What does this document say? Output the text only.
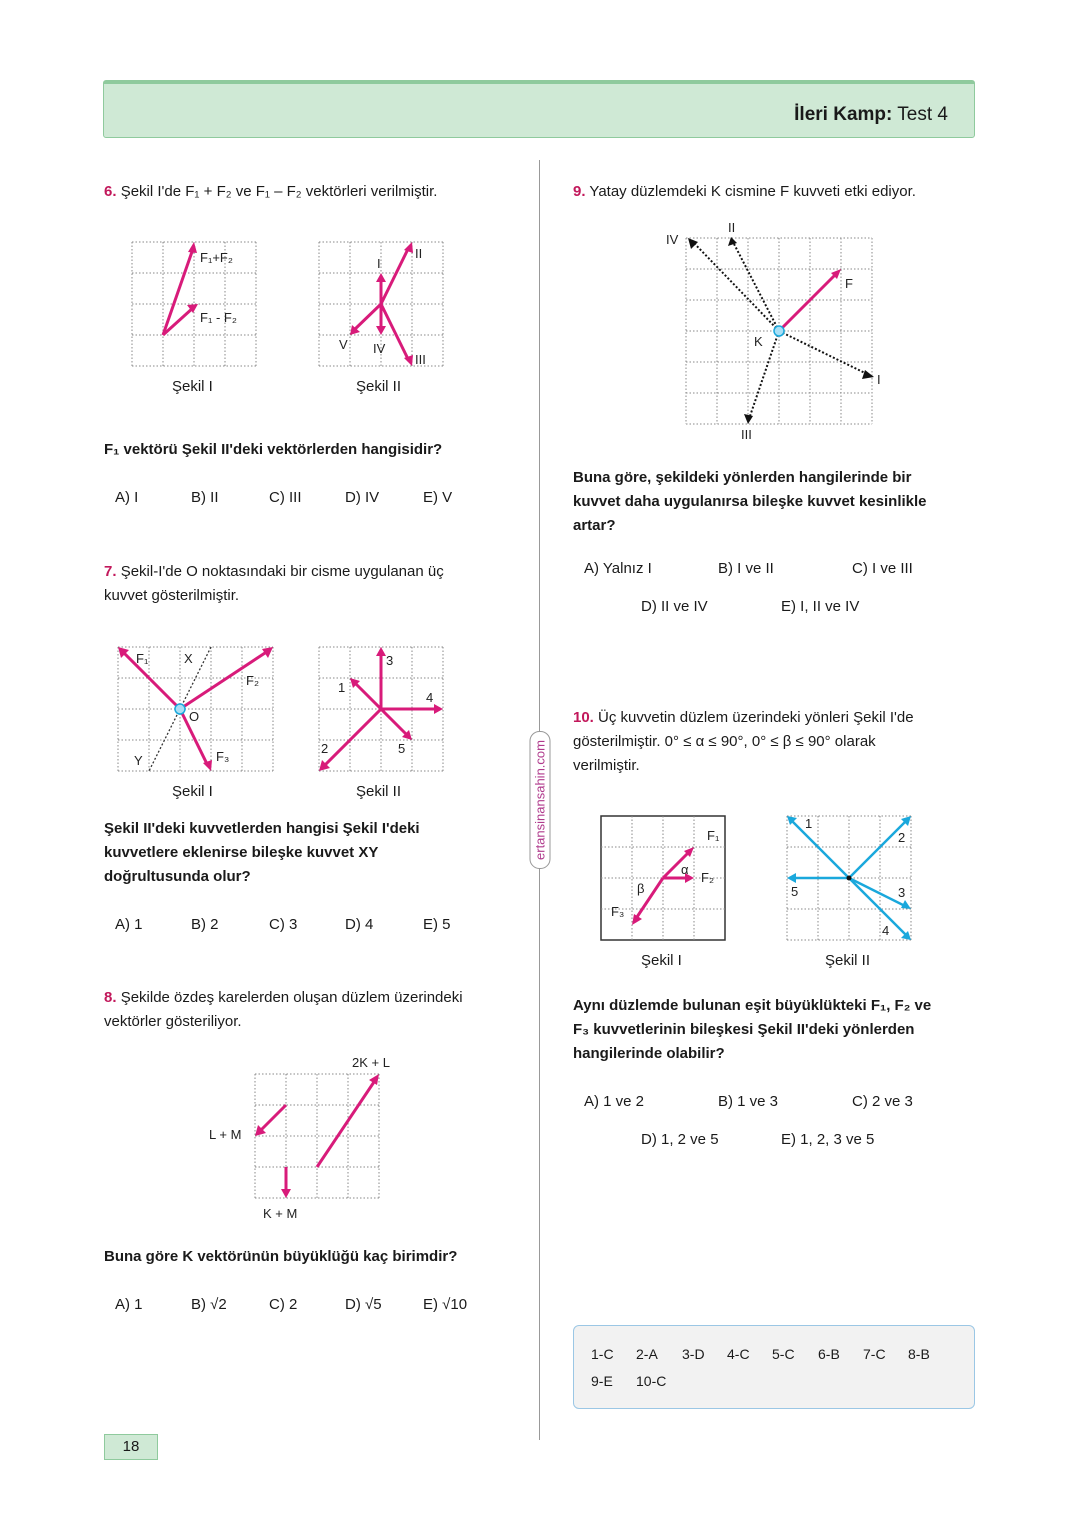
İleri Kamp: Test 4
ertansinansahin.com
6. Şekil I'de F₁ + F₂ ve F₁ – F₂ vektörleri verilmiştir.
F₁+F₂
F₁ - F₂
Şekil I
I
II
III
IV
V
Şekil II
F₁ vektörü Şekil II'deki vektörlerden hangisidir?
A) I	B) II	C) III	D) IV	E) V
7. Şekil-I'de O noktasındaki bir cisme uygulanan üç
kuvvet gösterilmiştir.
F₁	X
F₂
O
F₃
Y
Şekil I
1
2
3
4
5
Şekil II
Şekil II'deki kuvvetlerden hangisi Şekil I'deki
kuvvetlere eklenirse bileşke kuvvet XY
doğrultusunda olur?
A) 1	B) 2	C) 3	D) 4	E) 5
8. Şekilde özdeş karelerden oluşan düzlem üzerindeki
vektörler gösteriliyor.
2K + L
L + M
K + M
Buna göre K vektörünün büyüklüğü kaç birimdir?
A) 1	B) √2	C) 2	D) √5	E) √10
9. Yatay düzlemdeki K cismine F kuvveti etki ediyor.
IV
II
F
K
I
III
Buna göre, şekildeki yönlerden hangilerinde bir
kuvvet daha uygulanırsa bileşke kuvvet kesinlikle
artar?
A) Yalnız I	B) I ve II	C) I ve III
D) II ve IV	E) I, II ve IV
10. Üç kuvvetin düzlem üzerindeki yönleri Şekil I'de
gösterilmiştir. 0° ≤ α ≤ 90°, 0° ≤ β ≤ 90° olarak
verilmiştir.
F₁
α
F₂
β
F₃
Şekil I
1
2
3
4
5
Şekil II
Aynı düzlemde bulunan eşit büyüklükteki F₁, F₂ ve
F₃ kuvvetlerinin bileşkesi Şekil II'deki yönlerden
hangilerinde olabilir?
A) 1 ve 2	B) 1 ve 3	C) 2 ve 3
D) 1, 2 ve 5	E) 1, 2, 3 ve 5
1-C 2-A 3-D 4-C 5-C 6-B 7-C 8-B
9-E 10-C
18
